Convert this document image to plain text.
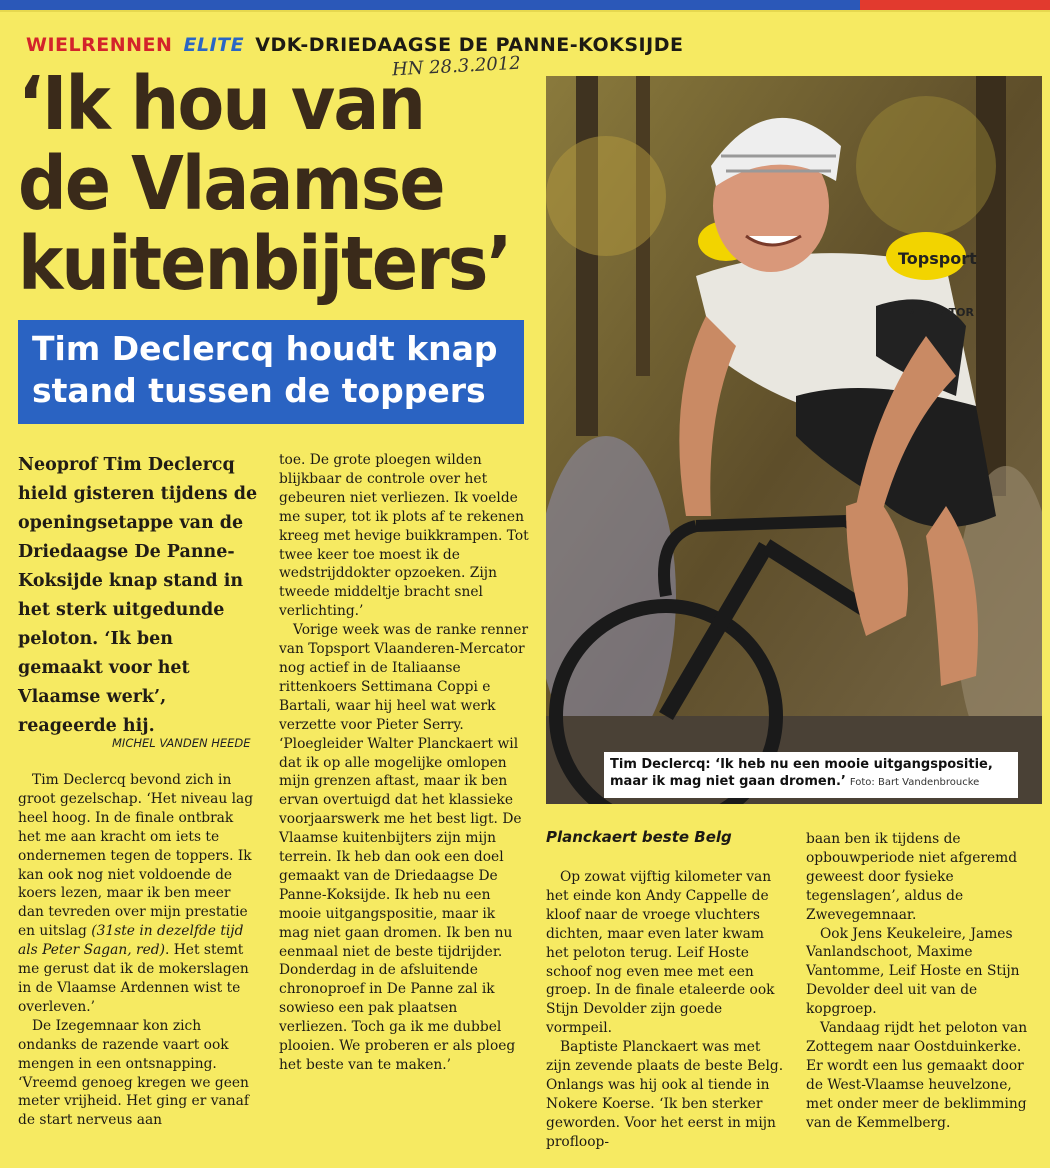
WIELRENNEN ELITE VDK-DRIEDAAGSE DE PANNE-KOKSIJDE
HN 28.3.2012
‘Ik hou van
de Vlaamse
kuitenbijters’
Tim Declercq houdt knap
stand tussen de toppers
Topsport
MERCATOR
Tim Declercq: ‘Ik heb nu een mooie uitgangspositie, maar ik mag niet gaan dromen.’ Foto: Bart Vandenbroucke
Neoprof Tim Declercq hield gisteren tijdens de openingsetappe van de Driedaagse De Panne-Koksijde knap stand in het sterk uitgedunde peloton. ‘Ik ben gemaakt voor het Vlaamse werk’, reageerde hij.
MICHEL VANDEN HEEDE

Tim Declercq bevond zich in groot gezelschap. ‘Het niveau lag heel hoog. In de finale ontbrak het me aan kracht om iets te ondernemen tegen de toppers. Ik kan ook nog niet voldoende de koers lezen, maar ik ben meer dan tevreden over mijn prestatie en uitslag (31ste in dezelfde tijd als Peter Sagan, red). Het stemt me gerust dat ik de mokerslagen in de Vlaamse Ardennen wist te overleven.’

De Izegemnaar kon zich ondanks de razende vaart ook mengen in een ontsnapping. ‘Vreemd genoeg kregen we geen meter vrijheid. Het ging er vanaf de start nerveus aan

toe. De grote ploegen wilden blijkbaar de controle over het gebeuren niet verliezen. Ik voelde me super, tot ik plots af te rekenen kreeg met hevige buikkrampen. Tot twee keer toe moest ik de wedstrijddokter opzoeken. Zijn tweede middeltje bracht snel verlichting.’

Vorige week was de ranke renner van Topsport Vlaanderen-Mercator nog actief in de Italiaanse rittenkoers Settimana Coppi e Bartali, waar hij heel wat werk verzette voor Pieter Serry. ‘Ploegleider Walter Planckaert wil dat ik op alle mogelijke omlopen mijn grenzen aftast, maar ik ben ervan overtuigd dat het klassieke voorjaarswerk me het best ligt. De Vlaamse kuitenbijters zijn mijn terrein. Ik heb dan ook een doel gemaakt van de Driedaagse De Panne-Koksijde. Ik heb nu een mooie uitgangspositie, maar ik mag niet gaan dromen. Ik ben nu eenmaal niet de beste tijdrijder. Donderdag in de afsluitende chronoproef in De Panne zal ik sowieso een pak plaatsen verliezen. Toch ga ik me dubbel plooien. We proberen er als ploeg het beste van te maken.’

Planckaert beste Belg

Op zowat vijftig kilometer van het einde kon Andy Cappelle de kloof naar de vroege vluchters dichten, maar even later kwam het peloton terug. Leif Hoste schoof nog even mee met een groep. In de finale etaleerde ook Stijn Devolder zijn goede vormpeil.

Baptiste Planckaert was met zijn zevende plaats de beste Belg. Onlangs was hij ook al tiende in Nokere Koerse. ‘Ik ben sterker geworden. Voor het eerst in mijn profloop-

baan ben ik tijdens de opbouwperiode niet afgeremd geweest door fysieke tegenslagen’, aldus de Zwevegemnaar.

Ook Jens Keukeleire, James Vanlandschoot, Maxime Vantomme, Leif Hoste en Stijn Devolder deel uit van de kopgroep.

Vandaag rijdt het peloton van Zottegem naar Oostduinkerke. Er wordt een lus gemaakt door de West-Vlaamse heuvelzone, met onder meer de beklimming van de Kemmelberg.
